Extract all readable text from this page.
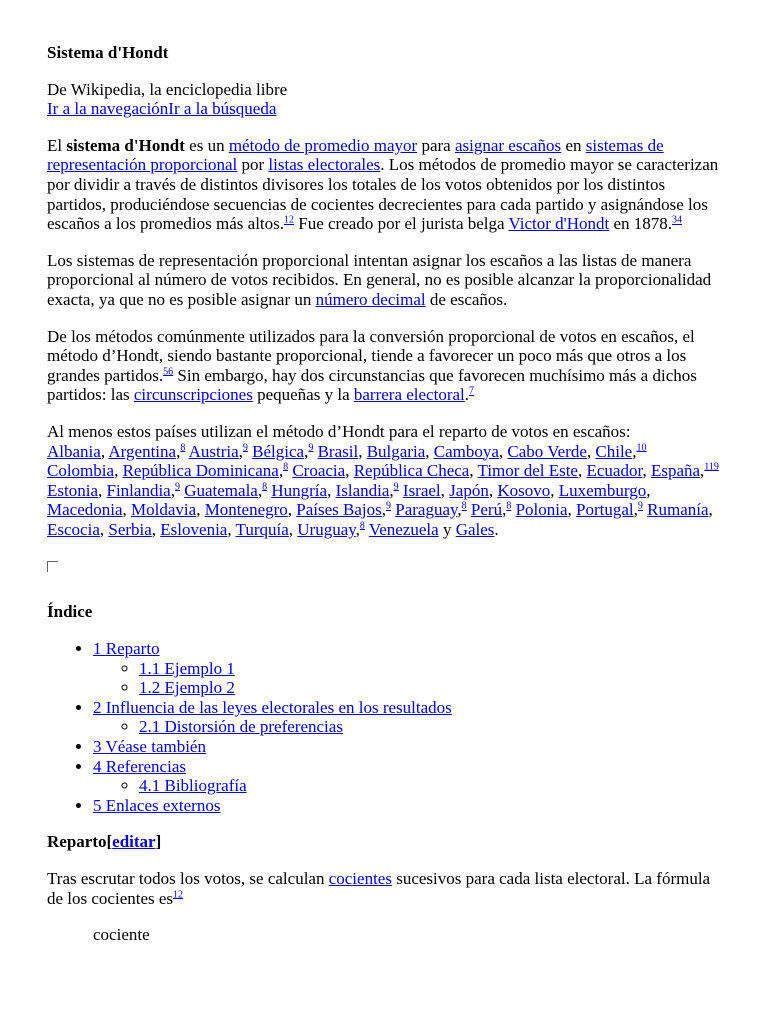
Sistema d'Hondt

De Wikipedia, la enciclopedia libre

Ir a la navegaciónIr a la búsqueda

El sistema d'Hondt es un método de promedio mayor para asignar escaños en sistemas de representación proporcional por listas electorales. Los métodos de promedio mayor se caracterizan por dividir a través de distintos divisores los totales de los votos obtenidos por los distintos partidos, produciéndose secuencias de cocientes decrecientes para cada partido y asignándose los escaños a los promedios más altos.$^{12}$ Fue creado por el jurista belga Victor d'Hondt en 1878.34

Los sistemas de representación proporcional intentan asignar los escaños a las listas de manera proporcional al número de votos recibidos. En general, no es posible alcanzar la proporcionalidad exacta, ya que no es posible asignar un número decimal de escaños.

De los métodos comúnmente utilizados para la conversión proporcional de votos en escaños, el método d’Hondt, siendo bastante proporcional, tiende a favorecer un poco más que otros a los grandes partidos.$^{56}$ Sin embargo, hay dos circunstancias que favorecen muchísimo más a dichos partidos: las circunscripciones pequeñas y la barrera electoral.$^7$

Al menos estos países utilizan el método d’Hondt para el reparto de votos en escaños:
Albania, Argentina,$^8$ Austria,$^9$ Bélgica,$^9$ Brasil, Bulgaria, Camboya, Cabo Verde, Chile,$^{10}$ Colombia, República Dominicana,$^8$ Croacia, República Checa, Timor del Este, Ecuador, España,$^{119}$ Estonia, Finlandia,$^9$ Guatemala,$^8$ Hungría, Islandia,$^9$ Israel, Japón, Kosovo, Luxemburgo, Macedonia, Moldavia, Montenegro, Países Bajos,$^9$ Paraguay,$^8$ Perú,$^8$ Polonia, Portugal,$^9$ Rumanía, Escocia, Serbia, Eslovenia, Turquía, Uruguay,$^8$ Venezuela y Gales.

Índice

• 1 Reparto
◦ 1.1 Ejemplo 1
◦ 1.2 Ejemplo 2
• 2 Influencia de las leyes electorales en los resultados
◦ 2.1 Distorsión de preferencias
• 3 Véase también
• 4 Referencias
◦ 4.1 Bibliografía
• 5 Enlaces externos

Reparto[editar]

Tras escrutar todos los votos, se calculan cocientes sucesivos para cada lista electoral. La fórmula de los cocientes es$^{12}$

cociente
